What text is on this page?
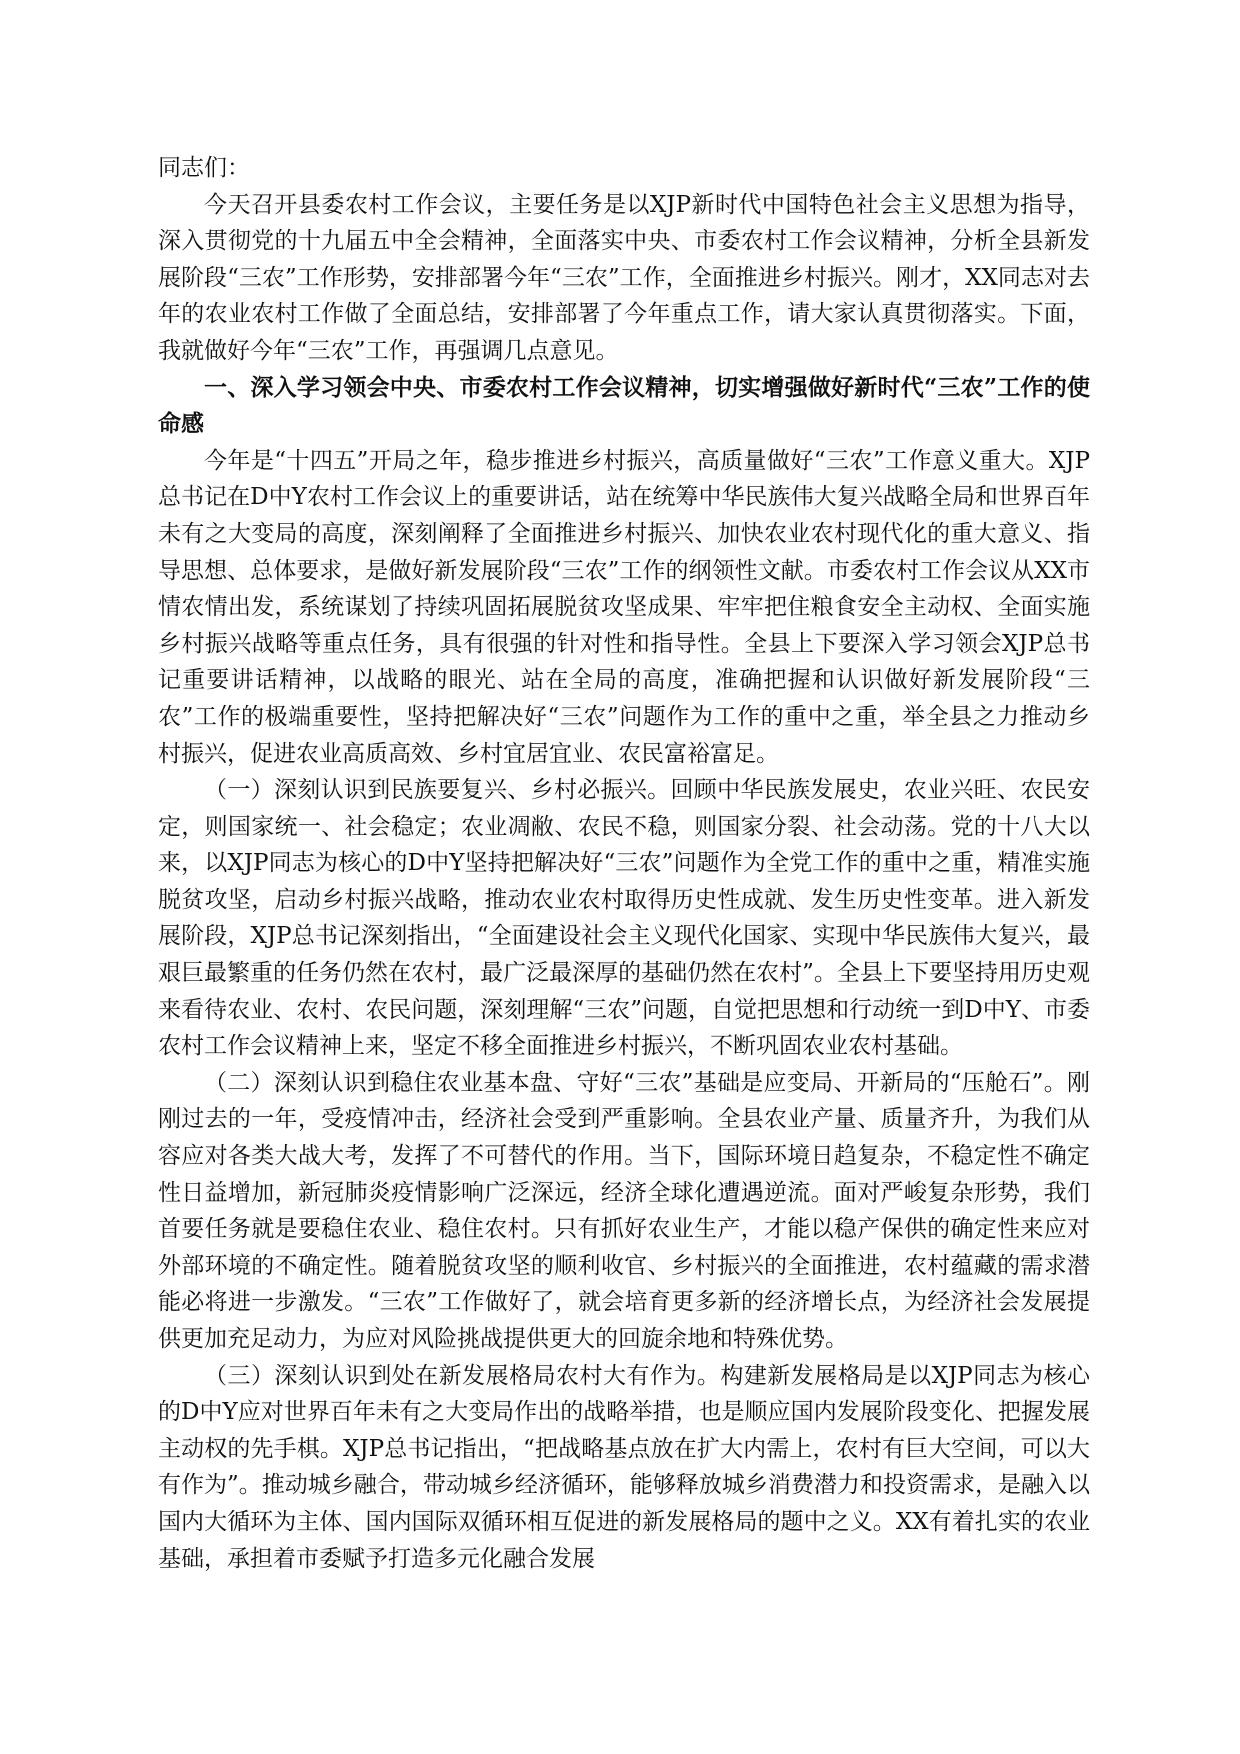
同志们：

今天召开县委农村工作会议，主要任务是以XJP新时代中国特色社会主义思想为指导，深入贯彻党的十九届五中全会精神，全面落实中央、市委农村工作会议精神，分析全县新发展阶段“三农”工作形势，安排部署今年“三农”工作，全面推进乡村振兴。刚才，XX同志对去年的农业农村工作做了全面总结，安排部署了今年重点工作，请大家认真贯彻落实。下面，我就做好今年“三农”工作，再强调几点意见。

一、深入学习领会中央、市委农村工作会议精神，切实增强做好新时代“三农”工作的使命感

今年是“十四五”开局之年，稳步推进乡村振兴，高质量做好“三农”工作意义重大。XJP总书记在D中Y农村工作会议上的重要讲话，站在统筹中华民族伟大复兴战略全局和世界百年未有之大变局的高度，深刻阐释了全面推进乡村振兴、加快农业农村现代化的重大意义、指导思想、总体要求，是做好新发展阶段“三农”工作的纲领性文献。市委农村工作会议从XX市情农情出发，系统谋划了持续巩固拓展脱贫攻坚成果、牢牢把住粮食安全主动权、全面实施乡村振兴战略等重点任务，具有很强的针对性和指导性。全县上下要深入学习领会XJP总书记重要讲话精神，以战略的眼光、站在全局的高度，准确把握和认识做好新发展阶段“三农”工作的极端重要性，坚持把解决好“三农”问题作为工作的重中之重，举全县之力推动乡村振兴，促进农业高质高效、乡村宜居宜业、农民富裕富足。

（一）深刻认识到民族要复兴、乡村必振兴。回顾中华民族发展史，农业兴旺、农民安定，则国家统一、社会稳定；农业凋敝、农民不稳，则国家分裂、社会动荡。党的十八大以来，以XJP同志为核心的D中Y坚持把解决好“三农”问题作为全党工作的重中之重，精准实施脱贫攻坚，启动乡村振兴战略，推动农业农村取得历史性成就、发生历史性变革。进入新发展阶段，XJP总书记深刻指出，“全面建设社会主义现代化国家、实现中华民族伟大复兴，最艰巨最繁重的任务仍然在农村，最广泛最深厚的基础仍然在农村”。全县上下要坚持用历史观来看待农业、农村、农民问题，深刻理解“三农”问题，自觉把思想和行动统一到D中Y、市委农村工作会议精神上来，坚定不移全面推进乡村振兴，不断巩固农业农村基础。

（二）深刻认识到稳住农业基本盘、守好“三农”基础是应变局、开新局的“压舱石”。刚刚过去的一年，受疫情冲击，经济社会受到严重影响。全县农业产量、质量齐升，为我们从容应对各类大战大考，发挥了不可替代的作用。当下，国际环境日趋复杂，不稳定性不确定性日益增加，新冠肺炎疫情影响广泛深远，经济全球化遭遇逆流。面对严峻复杂形势，我们首要任务就是要稳住农业、稳住农村。只有抓好农业生产，才能以稳产保供的确定性来应对外部环境的不确定性。随着脱贫攻坚的顺利收官、乡村振兴的全面推进，农村蕴藏的需求潜能必将进一步激发。“三农”工作做好了，就会培育更多新的经济增长点，为经济社会发展提供更加充足动力，为应对风险挑战提供更大的回旋余地和特殊优势。

（三）深刻认识到处在新发展格局农村大有作为。构建新发展格局是以XJP同志为核心的D中Y应对世界百年未有之大变局作出的战略举措，也是顺应国内发展阶段变化、把握发展主动权的先手棋。XJP总书记指出，“把战略基点放在扩大内需上，农村有巨大空间，可以大有作为”。推动城乡融合，带动城乡经济循环，能够释放城乡消费潜力和投资需求，是融入以国内大循环为主体、国内国际双循环相互促进的新发展格局的题中之义。XX有着扎实的农业基础，承担着市委赋予打造多元化融合发展
